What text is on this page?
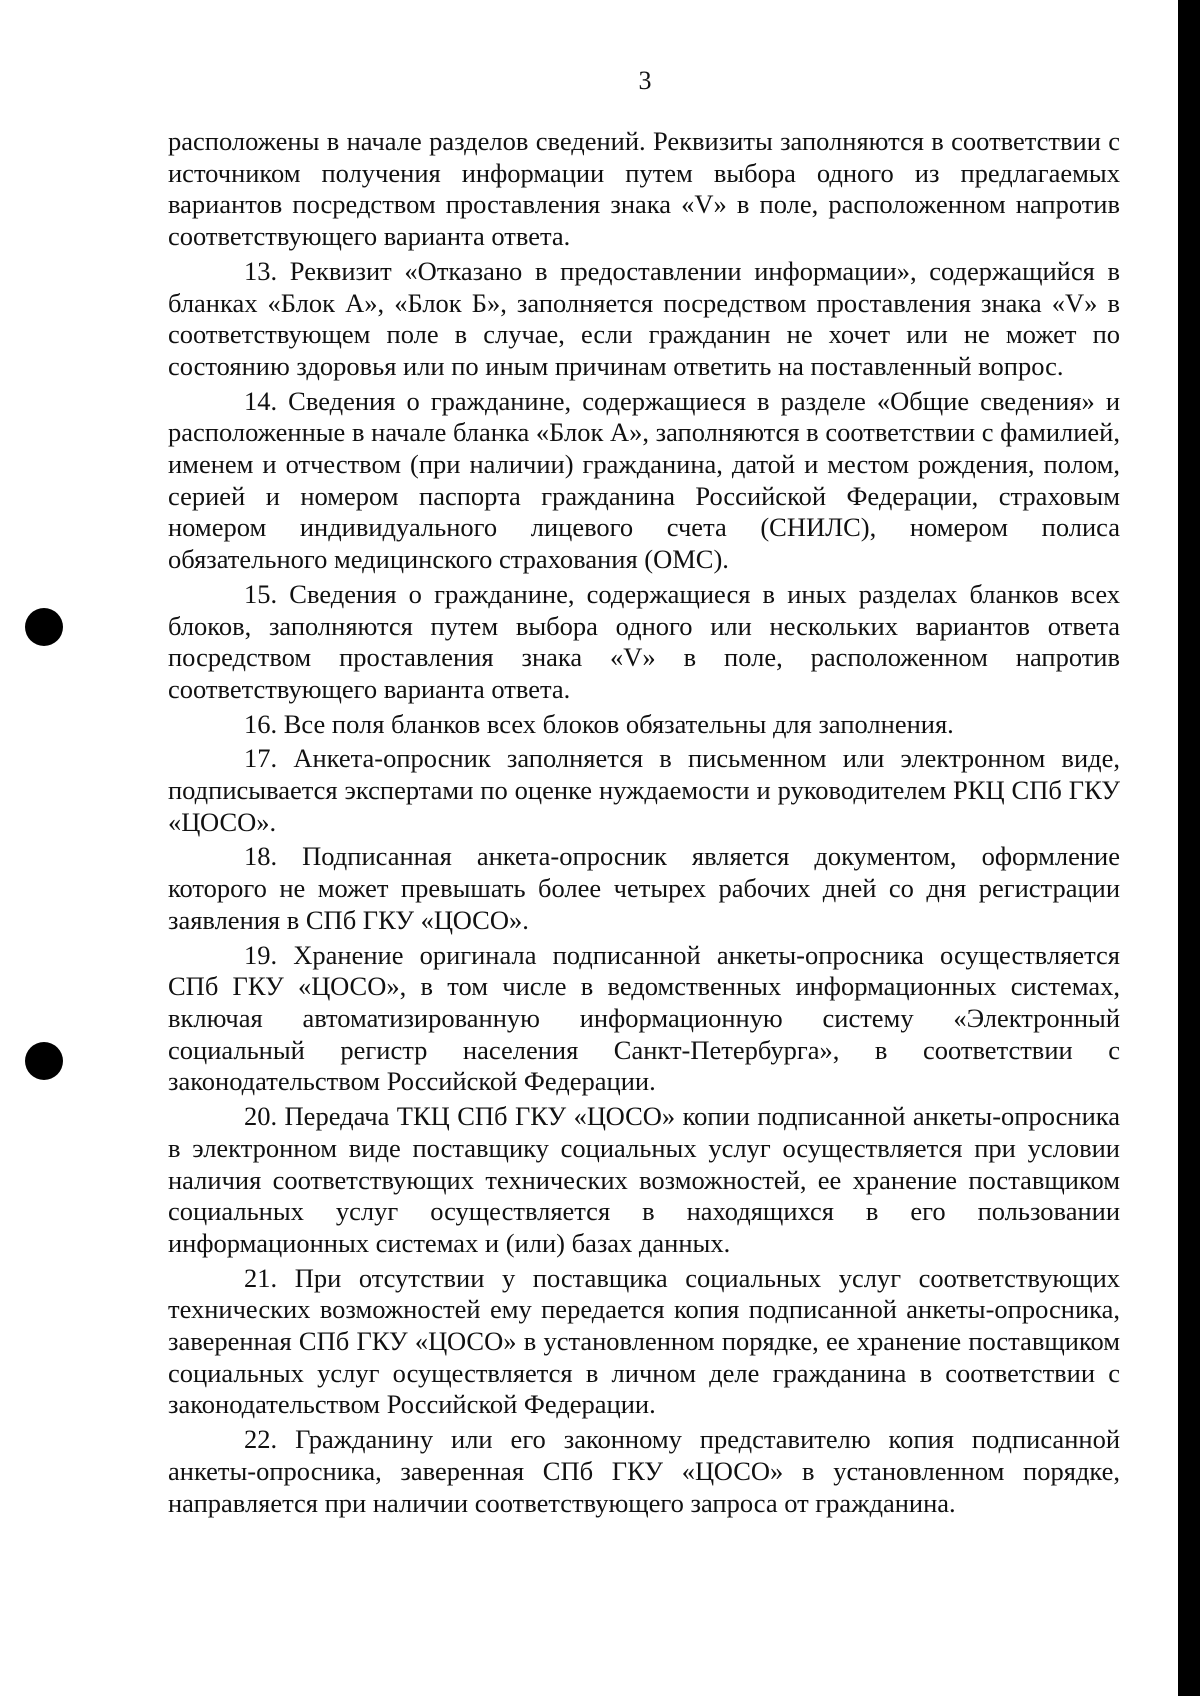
3

расположены в начале разделов сведений. Реквизиты заполняются в соответствии с источником получения информации путем выбора одного из предлагаемых вариантов посредством проставления знака «V» в поле, расположенном напротив соответствующего варианта ответа.

13. Реквизит «Отказано в предоставлении информации», содержащийся в бланках «Блок А», «Блок Б», заполняется посредством проставления знака «V» в соответствующем поле в случае, если гражданин не хочет или не может по состоянию здоровья или по иным причинам ответить на поставленный вопрос.

14. Сведения о гражданине, содержащиеся в разделе «Общие сведения» и расположенные в начале бланка «Блок А», заполняются в соответствии с фамилией, именем и отчеством (при наличии) гражданина, датой и местом рождения, полом, серией и номером паспорта гражданина Российской Федерации, страховым номером индивидуального лицевого счета (СНИЛС), номером полиса обязательного медицинского страхования (ОМС).

15. Сведения о гражданине, содержащиеся в иных разделах бланков всех блоков, заполняются путем выбора одного или нескольких вариантов ответа посредством проставления знака «V» в поле, расположенном напротив соответствующего варианта ответа.

16. Все поля бланков всех блоков обязательны для заполнения.

17. Анкета-опросник заполняется в письменном или электронном виде, подписывается экспертами по оценке нуждаемости и руководителем РКЦ СПб ГКУ «ЦОСО».

18. Подписанная анкета-опросник является документом, оформление которого не может превышать более четырех рабочих дней со дня регистрации заявления в СПб ГКУ «ЦОСО».

19. Хранение оригинала подписанной анкеты-опросника осуществляется СПб ГКУ «ЦОСО», в том числе в ведомственных информационных системах, включая автоматизированную информационную систему «Электронный социальный регистр населения Санкт-Петербурга», в соответствии с законодательством Российской Федерации.

20. Передача ТКЦ СПб ГКУ «ЦОСО» копии подписанной анкеты-опросника в электронном виде поставщику социальных услуг осуществляется при условии наличия соответствующих технических возможностей, ее хранение поставщиком социальных услуг осуществляется в находящихся в его пользовании информационных системах и (или) базах данных.

21. При отсутствии у поставщика социальных услуг соответствующих технических возможностей ему передается копия подписанной анкеты-опросника, заверенная СПб ГКУ «ЦОСО» в установленном порядке, ее хранение поставщиком социальных услуг осуществляется в личном деле гражданина в соответствии с законодательством Российской Федерации.

22. Гражданину или его законному представителю копия подписанной анкеты-опросника, заверенная СПб ГКУ «ЦОСО» в установленном порядке, направляется при наличии соответствующего запроса от гражданина.
